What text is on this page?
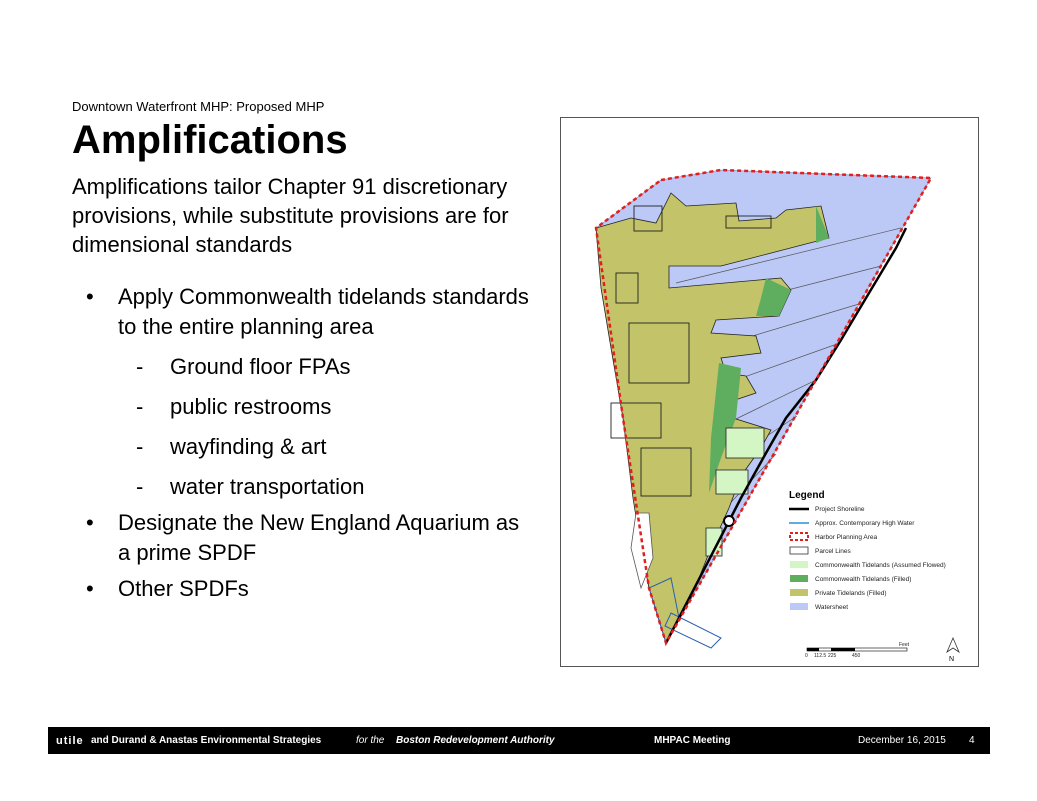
Downtown Waterfront MHP: Proposed MHP
Amplifications
Amplifications tailor Chapter 91 discretionary provisions, while substitute provisions are for dimensional standards
• Apply Commonwealth tidelands standards to the entire planning area
- Ground floor FPAs
- public restrooms
- wayfinding & art
- water transportation
• Designate the New England Aquarium as a prime SPDF
• Other SPDFs
Legend
Project Shoreline
Approx. Contemporary High Water
Harbor Planning Area
Parcel Lines
Commonwealth Tidelands (Assumed Flowed)
Commonwealth Tidelands (Filled)
Private Tidelands (Filled)
Watersheet
0 112.5 225	450
Feet
N
utile and Durand & Anastas Environmental Strategies	for the Boston Redevelopment Authority	MHPAC Meeting	December 16, 2015 4
